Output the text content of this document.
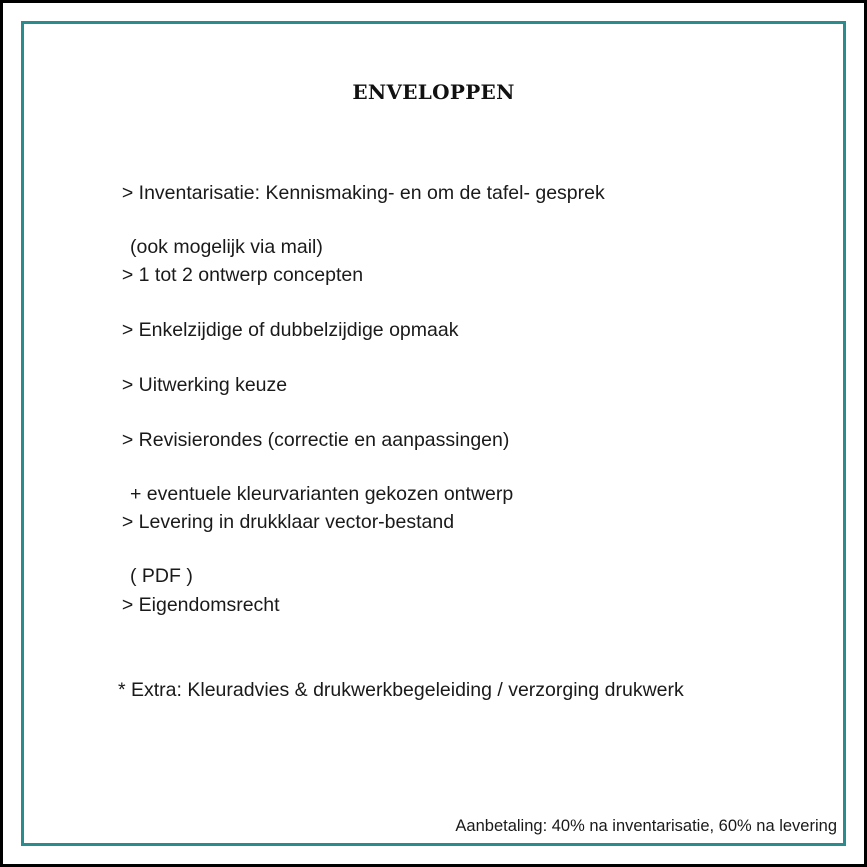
ENVELOPPEN

> Inventarisatie: Kennismaking- en om de tafel- gesprek

(ook mogelijk via mail)

> 1 tot 2 ontwerp concepten

> Enkelzijdige of dubbelzijdige opmaak

> Uitwerking keuze

> Revisierondes (correctie en aanpassingen)

+ eventuele kleurvarianten gekozen ontwerp

> Levering in drukklaar vector-bestand

( PDF )

> Eigendomsrecht

* Extra: Kleuradvies & drukwerkbegeleiding / verzorging drukwerk
Aanbetaling: 40% na inventarisatie, 60% na levering
